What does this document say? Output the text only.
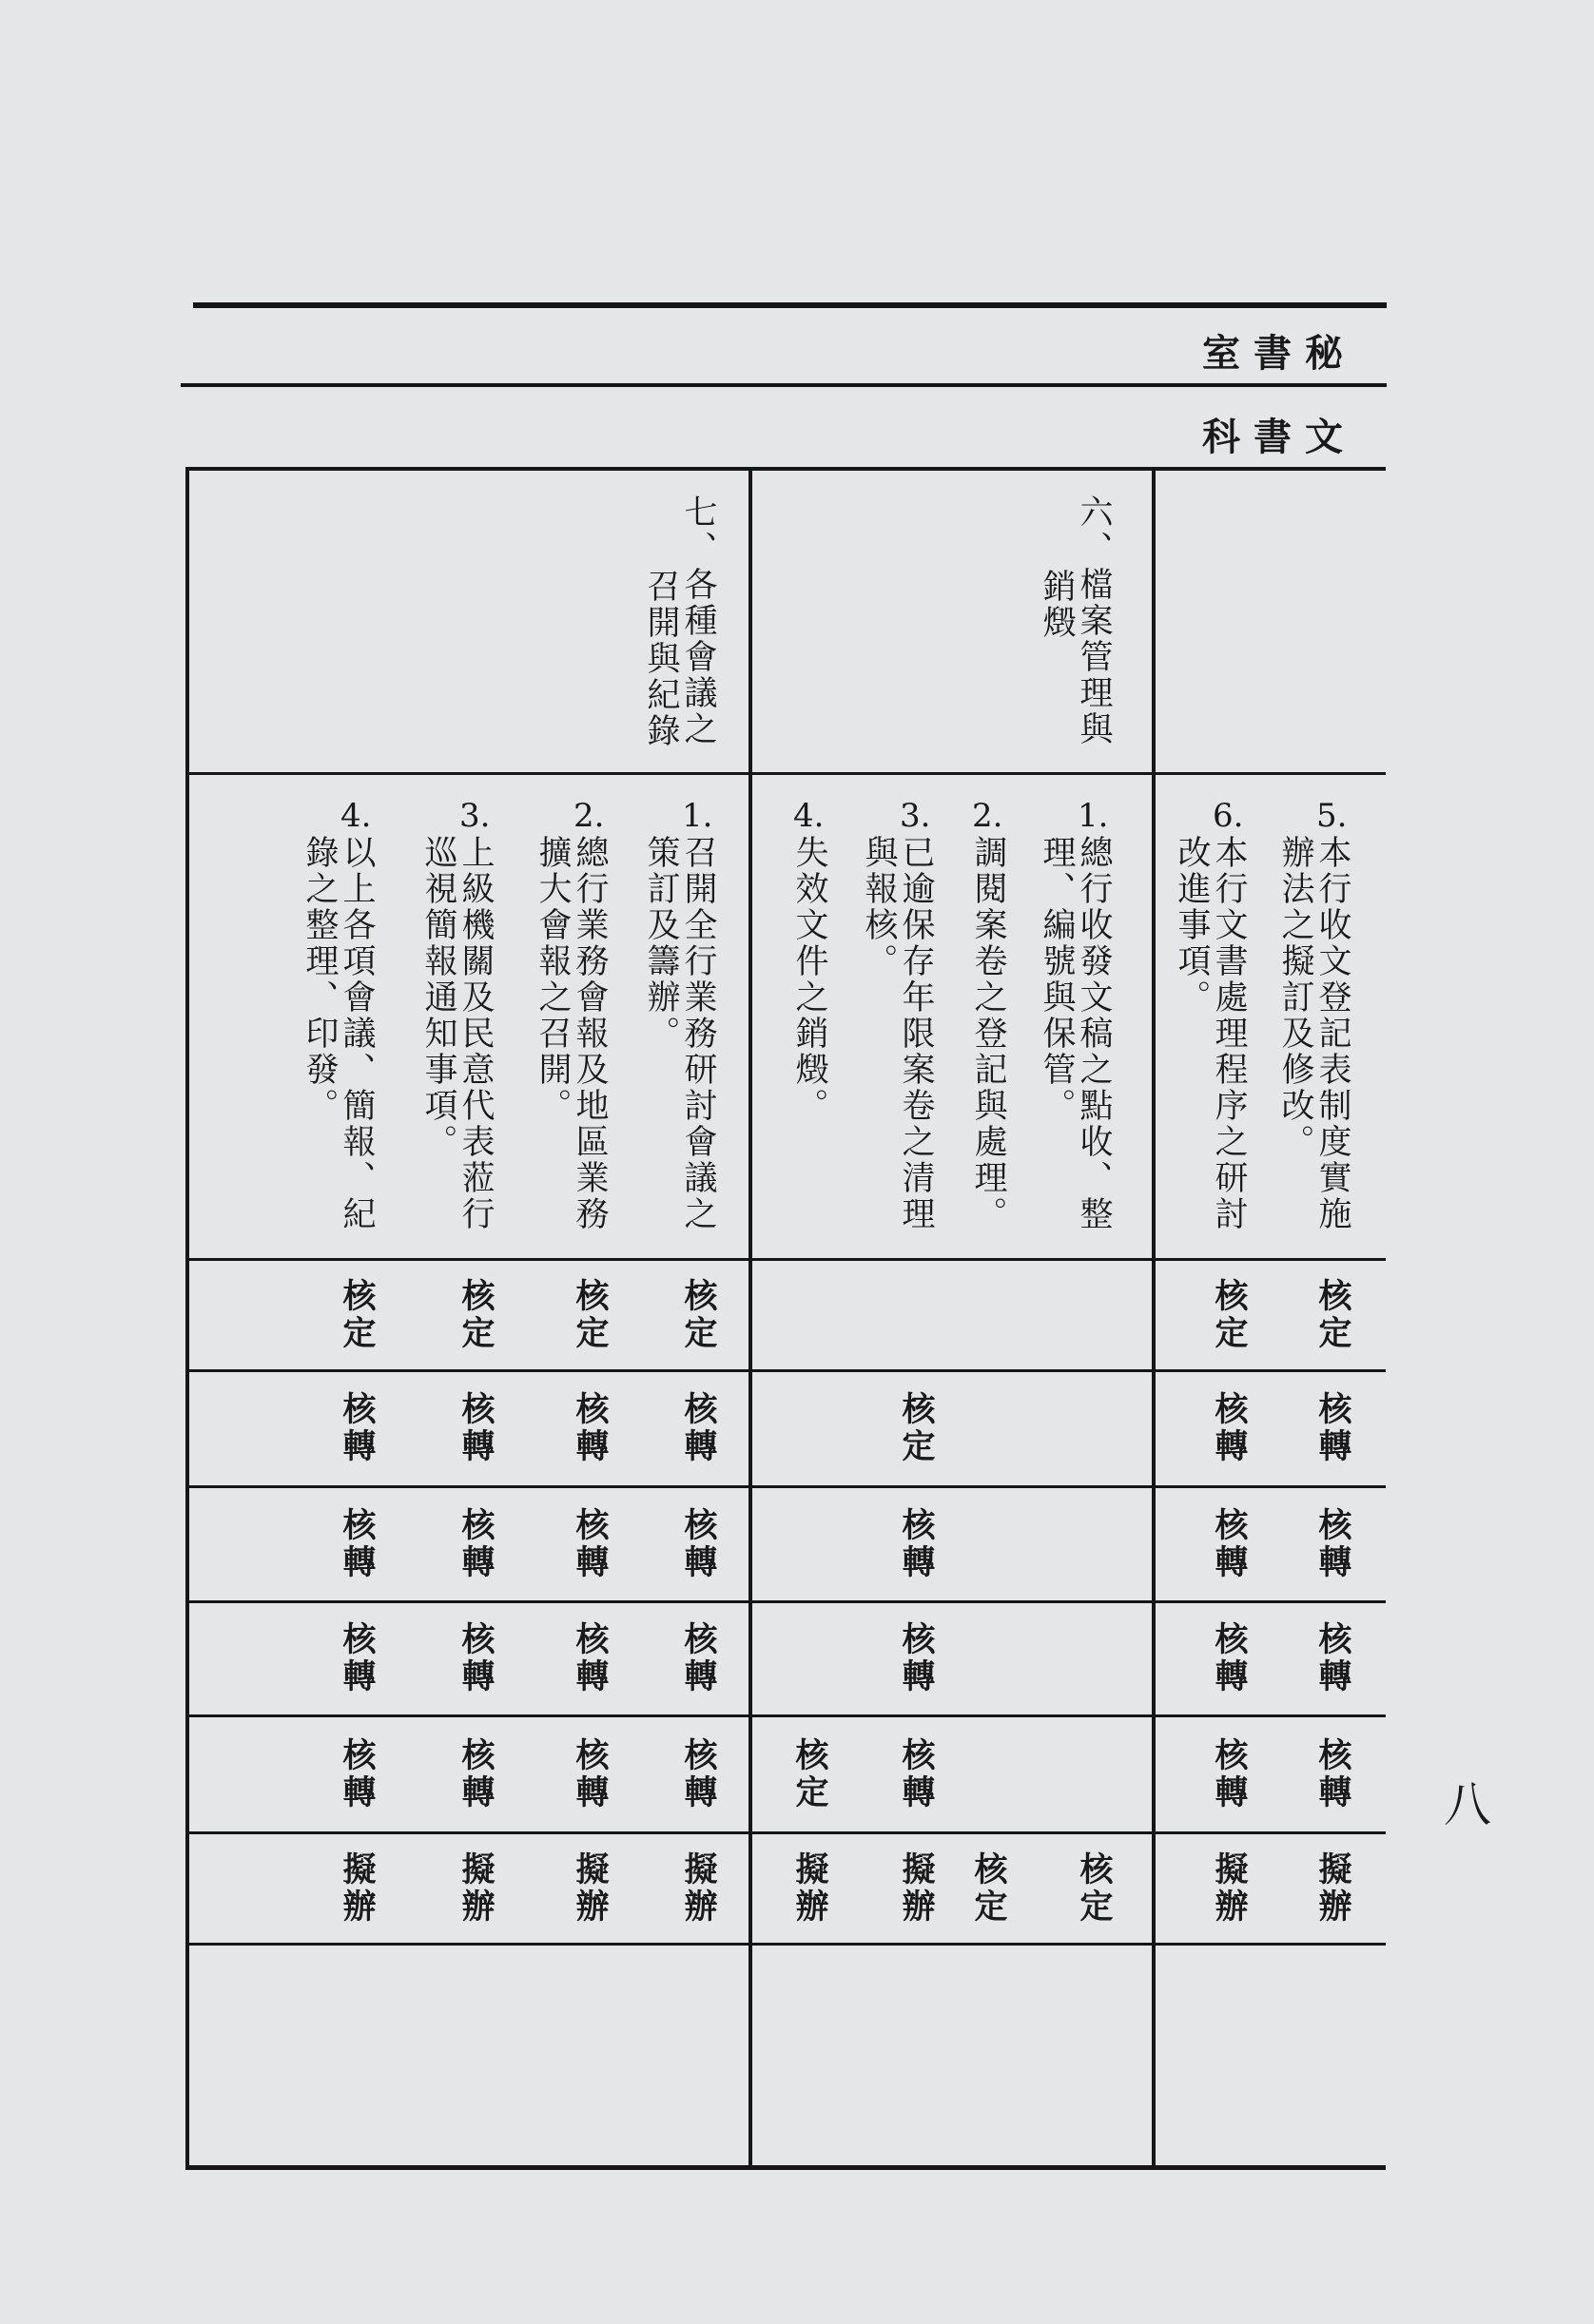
秘書室
文書科
八
六、檔案管理與
銷燬
七、各種會議之
召開與紀錄
5.
本行收文登記表制度實施
辦法之擬訂及修改。
核定
核轉
核轉
核轉
核轉
擬辦
6.
本行文書處理程序之研討
改進事項。
核定
核轉
核轉
核轉
核轉
擬辦
1.
總行收發文稿之點收、整
理、編號與保管。
核定
2.
調閱案卷之登記與處理。
核定
3.
已逾保存年限案卷之清理
與報核。
核定
核轉
核轉
核轉
擬辦
4.
失效文件之銷燬。
核定
擬辦
1.
召開全行業務研討會議之
策訂及籌辦。
核定
核轉
核轉
核轉
核轉
擬辦
2.
總行業務會報及地區業務
擴大會報之召開。
核定
核轉
核轉
核轉
核轉
擬辦
3.
上級機關及民意代表蒞行
巡視簡報通知事項。
核定
核轉
核轉
核轉
核轉
擬辦
4.
以上各項會議、簡報、紀
錄之整理、印發。
核定
核轉
核轉
核轉
核轉
擬辦
